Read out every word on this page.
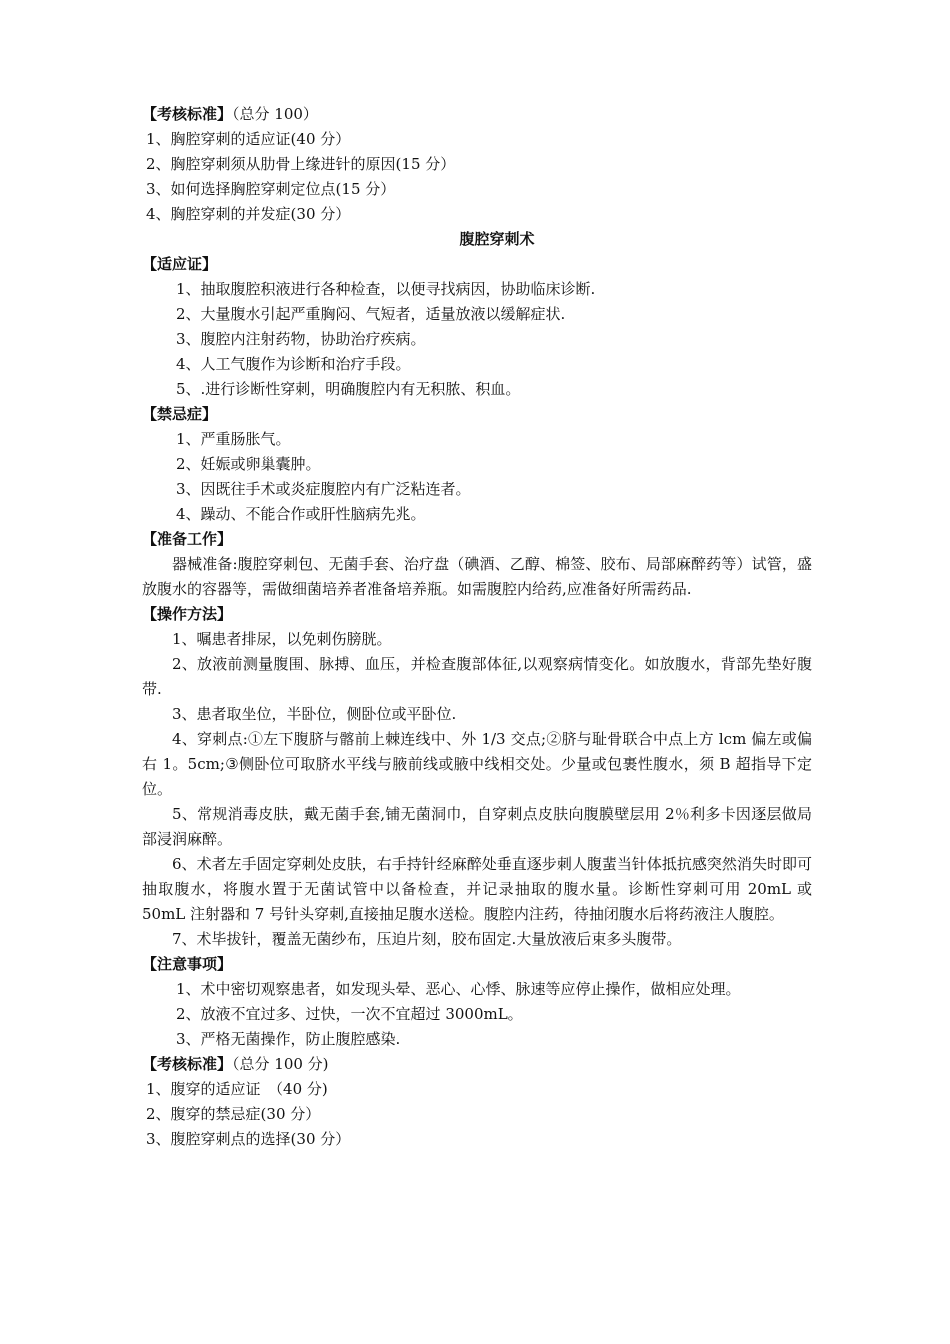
【考核标准】（总分 100）
1、胸腔穿刺的适应证(40 分）
2、胸腔穿刺须从肋骨上缘进针的原因(15 分）
3、如何选择胸腔穿刺定位点(15 分）
4、胸腔穿刺的并发症(30 分）
腹腔穿刺术
【适应证】
1、抽取腹腔积液进行各种检查，以便寻找病因，协助临床诊断.
2、大量腹水引起严重胸闷、气短者，适量放液以缓解症状.
3、腹腔内注射药物，协助治疗疾病。
4、人工气腹作为诊断和治疗手段。
5、.进行诊断性穿刺，明确腹腔内有无积脓、积血。
【禁忌症】
1、严重肠胀气。
2、妊娠或卵巢囊肿。
3、因既往手术或炎症腹腔内有广泛粘连者。
4、躁动、不能合作或肝性脑病先兆。
【准备工作】
器械准备:腹腔穿刺包、无菌手套、治疗盘（碘酒、乙醇、棉签、胶布、局部麻醉药等）试管，盛放腹水的容器等，需做细菌培养者准备培养瓶。如需腹腔内给药,应准备好所需药品.
【操作方法】
1、嘱患者排尿，以免刺伤膀胱。
2、放液前测量腹围、脉搏、血压，并检查腹部体征,以观察病情变化。如放腹水，背部先垫好腹带.
3、患者取坐位，半卧位，侧卧位或平卧位.
4、穿刺点:①左下腹脐与髂前上棘连线中、外 1/3 交点;②脐与耻骨联合中点上方 lcm 偏左或偏右 1。5cm;③侧卧位可取脐水平线与腋前线或腋中线相交处。少量或包裹性腹水，须 B 超指导下定位。
5、常规消毒皮肤，戴无菌手套,铺无菌洞巾，自穿刺点皮肤向腹膜壁层用 2％利多卡因逐层做局部浸润麻醉。
6、术者左手固定穿刺处皮肤，右手持针经麻醉处垂直逐步刺人腹蜚当针体抵抗感突然消失时即可抽取腹水，将腹水置于无菌试管中以备检查，并记录抽取的腹水量。诊断性穿刺可用 20mL 或 50mL 注射器和 7 号针头穿刺,直接抽足腹水送检。腹腔内注药，待抽闭腹水后将药液注人腹腔。
7、术毕拔针，覆盖无菌纱布，压迫片刻，胶布固定.大量放液后束多头腹带。
【注意事项】
1、术中密切观察患者，如发现头晕、恶心、心悸、脉速等应停止操作，做相应处理。
2、放液不宜过多、过快，一次不宜超过 3000mL。
3、严格无菌操作，防止腹腔感染.
【考核标准】（总分 100 分)
1、腹穿的适应证　（40 分)
2、腹穿的禁忌症(30 分）
3、腹腔穿刺点的选择(30 分）
